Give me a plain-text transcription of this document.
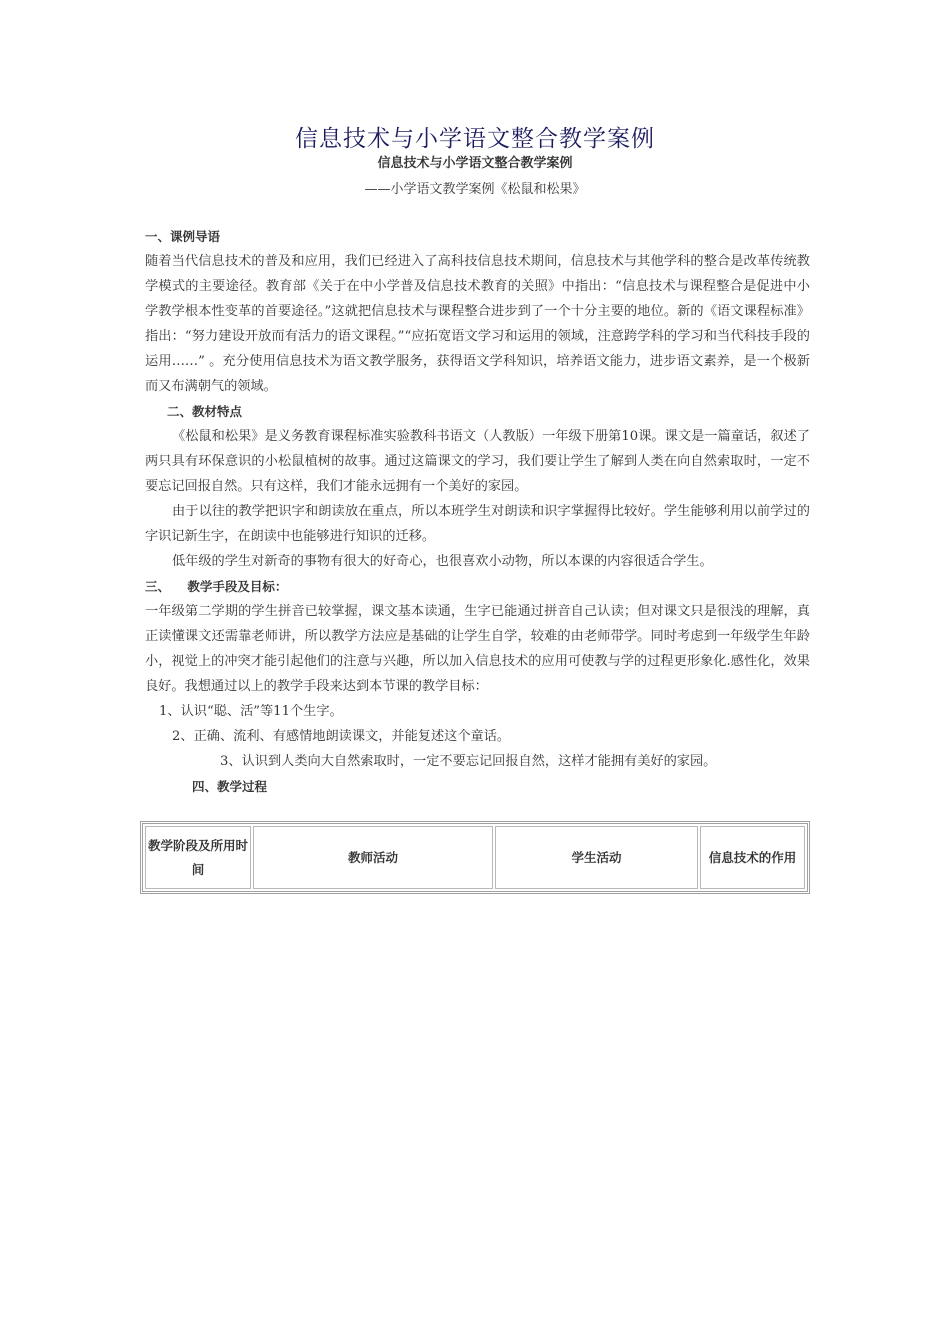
信息技术与小学语文整合教学案例
信息技术与小学语文整合教学案例
——小学语文教学案例《松鼠和松果》

一、课例导语

随着当代信息技术的普及和应用，我们已经进入了高科技信息技术期间，信息技术与其他学科的整合是改革传统教学模式的主要途径。教育部《关于在中小学普及信息技术教育的关照》中指出：“信息技术与课程整合是促进中小学教学根本性变革的首要途径。”这就把信息技术与课程整合进步到了一个十分主要的地位。新的《语文课程标准》指出：“努力建设开放而有活力的语文课程。”“应拓宽语文学习和运用的领域，注意跨学科的学习和当代科技手段的运用……” 。充分使用信息技术为语文教学服务，获得语文学科知识，培养语文能力，进步语文素养，是一个极新而又布满朝气的领域。

二、教材特点

《松鼠和松果》是义务教育课程标准实验教科书语文（人教版）一年级下册第10课。课文是一篇童话，叙述了两只具有环保意识的小松鼠植树的故事。通过这篇课文的学习，我们要让学生了解到人类在向自然索取时，一定不要忘记回报自然。只有这样，我们才能永远拥有一个美好的家园。

由于以往的教学把识字和朗读放在重点，所以本班学生对朗读和识字掌握得比较好。学生能够利用以前学过的字识记新生字，在朗读中也能够进行知识的迁移。

低年级的学生对新奇的事物有很大的好奇心，也很喜欢小动物，所以本课的内容很适合学生。

三、    教学手段及目标：

一年级第二学期的学生拼音已较掌握，课文基本读通，生字已能通过拼音自己认读；但对课文只是很浅的理解，真正读懂课文还需靠老师讲，所以教学方法应是基础的让学生自学，较难的由老师带学。同时考虑到一年级学生年龄小，视觉上的冲突才能引起他们的注意与兴趣，所以加入信息技术的应用可使教与学的过程更形象化.感性化，效果良好。我想通过以上的教学手段来达到本节课的教学目标：

1、认识“聪、活”等11个生字。

2、正确、流利、有感情地朗读课文，并能复述这个童话。

3、认识到人类向大自然索取时，一定不要忘记回报自然，这样才能拥有美好的家园。

四、教学过程

教学阶段及所用时间	教师活动	学生活动	信息技术的作用
